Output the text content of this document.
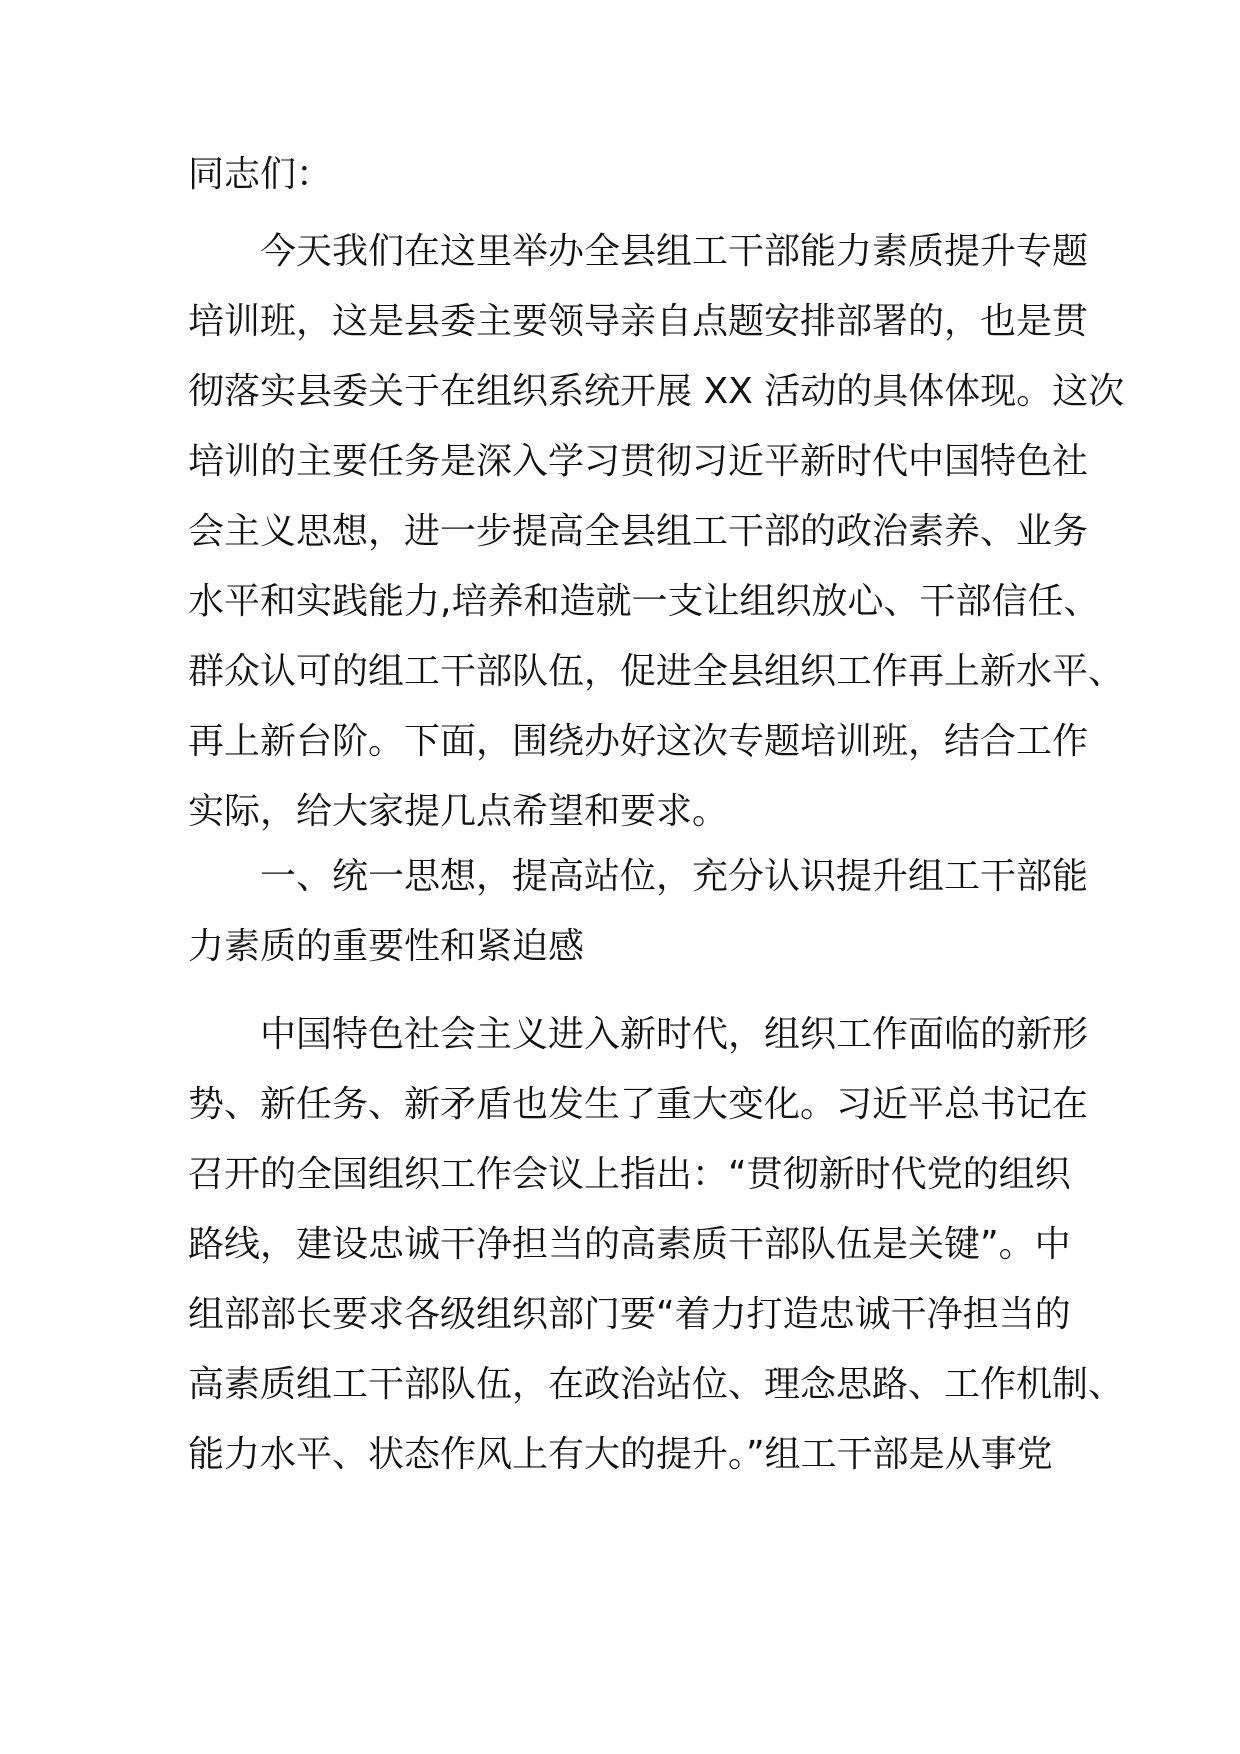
同志们：
今天我们在这里举办全县组工干部能力素质提升专题
培训班，这是县委主要领导亲自点题安排部署的，也是贯
彻落实县委关于在组织系统开展 XX 活动的具体体现。这次
培训的主要任务是深入学习贯彻习近平新时代中国特色社
会主义思想，进一步提高全县组工干部的政治素养、业务
水平和实践能力,培养和造就一支让组织放心、干部信任、
群众认可的组工干部队伍，促进全县组织工作再上新水平、
再上新台阶。下面，围绕办好这次专题培训班，结合工作
实际，给大家提几点希望和要求。
一、统一思想，提高站位，充分认识提升组工干部能
力素质的重要性和紧迫感
中国特色社会主义进入新时代，组织工作面临的新形
势、新任务、新矛盾也发生了重大变化。习近平总书记在
召开的全国组织工作会议上指出：“贯彻新时代党的组织
路线，建设忠诚干净担当的高素质干部队伍是关键”。中
组部部长要求各级组织部门要“着力打造忠诚干净担当的
高素质组工干部队伍，在政治站位、理念思路、工作机制、
能力水平、状态作风上有大的提升。”组工干部是从事党
